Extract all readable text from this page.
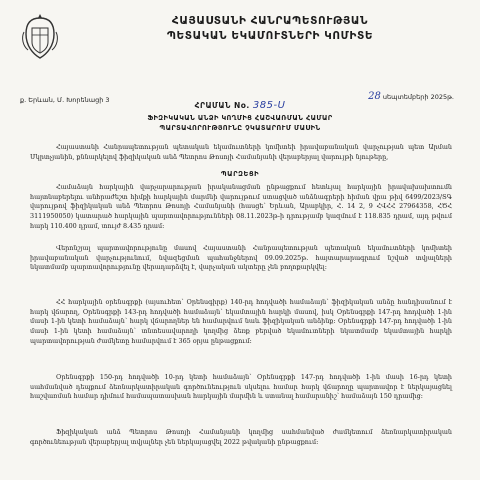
ՀԱՅԱՍՏԱՆԻ ՀԱՆՐԱՊԵՏՈՒԹՅԱՆ
ՊԵՏԱԿԱՆ ԵԿԱՄՈՒՏՆԵՐԻ ԿՈՄԻՏԵ
ք. Երևան, Մ. Խորենացի 3	28 սեպտեմբերի 2025թ.
ՀՐԱՄԱՆ No. 385-Ս
ՖԻԶԻԿԱԿԱՆ ԱՆՁԻ ԿՈՂՄԻՑ ՀԱՇՎԱՌՄԱՆ ՀԱՄԱՐ
ՊԱՐՏԱՎՈՐՈՒԹՅՈՒՆԸ ՉԿԱՏԱՐՈՒՄ ՄԱՍԻՆ
Հայաստանի Հանրապետության պետական եկամուտների կոմիտեի իրավաբանական վարչության պետ Արման Մկրտչյանին, քննարկելով ֆիզիկական անձ Պետրոս Թոսոյի Համանյանի վերաբերյալ վարույթի նյութերը,
ՊԱՐԶԵՑԻ
Համաձայն հարկային վարչարարության իրականացման ընթացքում հետևյալ հարկային իրավախախտումն հայտնաբերելու անհրաժեշտ հիմքի հարկային մարմնի վարույթում ստացված անձնագրերի հիման վրա թիվ 6499/2023/ՏԳ վարույթով ֆիզիկական անձ Պետրոս Թոսոյի Համանյանի (հասցե՝ Երևան, Արաբկիր, Հ. 14 2, 9 ՀՎՀՀ 27964358, ՀԾՀ 3111950050) կատարած հարկային պարտավորությունների 08.11.2023թ-ի դրությամբ կազմում է 118.835 դրամ, այդ թվում հարկ 110.400 դրամ, տույժ 8.435 դրամ:
Վերոնշյալ պարտավորությունը մասով Հայաստանի Հանրապետության պետական եկամուտների կոմիտեի իրավաբանական վարչությունում, նվազեցման պահանջներով 09.09.2025թ. հայտարարագրում նշված տվյալների նկատմամբ պարտավորությունը վերադարձվել է, վարչական ակտերը չեն բողոքարկվել:
ՀՀ հարկային օրենսգրքի (այսուհետ՝ Օրենսգիրք) 140-րդ հոդվածի համաձայն՝ ֆիզիկական անձը հանդիսանում է հարկ վճարող, Օրենսգրքի 143-րդ հոդվածի համաձայն՝ եկամտային հարկի մասով, իսկ Օրենսգրքի 147-րդ հոդվածի 1-ին մասի 1-ին կետի համաձայն՝ հարկ վճարողներ են համարվում նաև ֆիզիկական անձինք: Օրենսգրքի 147-րդ հոդվածի 1-ին մասի 1-ին կետի համաձայն՝ տնտեսավարողի կողմից ձեռք բերված եկամուտների նկատմամբ եկամտային հարկի պարտավորության ժամկետը համարվում է 365 օրյա ընթացքում:
Օրենսգրքի 150-րդ հոդվածի 10-րդ կետի համաձայն՝ Օրենսգրքի 147-րդ հոդվածի 1-ին մասի 16-րդ կետի սահմանված դեպքում ձեռնարկատիրական գործունեություն սկսելու համար հարկ վճարողը պարտավոր է ներկայացնել հաշվառման համար դիմում համապատասխան հարկային մարմին և ստանալ համարանիշ՝ համաձայն 150 դրամից:
Ֆիզիկական անձ Պետրոս Թոսոյի Համանյանի կողմից սահմանված ժամկետում ձեռնարկատիրական գործունեության վերաբերյալ տվյալներ չեն ներկայացվել 2022 թվականի ընթացքում:
